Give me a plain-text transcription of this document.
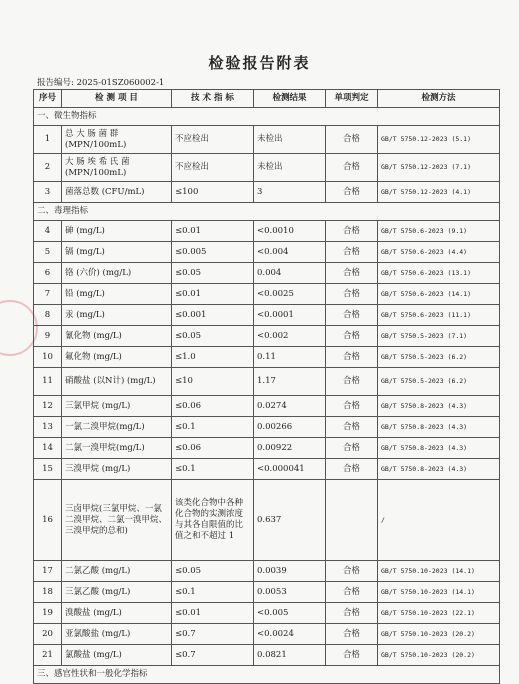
检验报告附表
报告编号: 2025-01SZ060002-1
序号	检 测 项 目	技 术 指 标	检测结果	单项判定	检测方法
一、微生物指标					
1	总 大 肠 菌 群 (MPN/100mL)	不应检出	未检出	合格	GB/T 5750.12-2023 (5.1)
2	大 肠 埃 希 氏 菌 (MPN/100mL)	不应检出	未检出	合格	GB/T 5750.12-2023 (7.1)
3	菌落总数 (CFU/mL)	≤100	3	合格	GB/T 5750.12-2023 (4.1)
二、毒理指标					
4	砷 (mg/L)	≤0.01	<0.0010	合格	GB/T 5750.6-2023 (9.1)
5	镉 (mg/L)	≤0.005	<0.004	合格	GB/T 5750.6-2023 (4.4)
6	铬 (六价) (mg/L)	≤0.05	0.004	合格	GB/T 5750.6-2023 (13.1)
7	铅 (mg/L)	≤0.01	<0.0025	合格	GB/T 5750.6-2023 (14.1)
8	汞 (mg/L)	≤0.001	<0.0001	合格	GB/T 5750.6-2023 (11.1)
9	氰化物 (mg/L)	≤0.05	<0.002	合格	GB/T 5750.5-2023 (7.1)
10	氟化物 (mg/L)	≤1.0	0.11	合格	GB/T 5750.5-2023 (6.2)
11	硝酸盐 (以N计) (mg/L)	≤10	1.17	合格	GB/T 5750.5-2023 (6.2)
12	三氯甲烷 (mg/L)	≤0.06	0.0274	合格	GB/T 5750.8-2023 (4.3)
13	一氯二溴甲烷(mg/L)	≤0.1	0.00266	合格	GB/T 5750.8-2023 (4.3)
14	二氯一溴甲烷(mg/L)	≤0.06	0.00922	合格	GB/T 5750.8-2023 (4.3)
15	三溴甲烷 (mg/L)	≤0.1	<0.000041	合格	GB/T 5750.8-2023 (4.3)
16	三卤甲烷(三氯甲烷、一氯二溴甲烷、二氯一溴甲烷、三溴甲烷的总和)	该类化合物中各种化合物的实测浓度与其各自限值的比值之和不超过 1	0.637		/
17	二氯乙酸 (mg/L)	≤0.05	0.0039	合格	GB/T 5750.10-2023 (14.1)
18	三氯乙酸 (mg/L)	≤0.1	0.0053	合格	GB/T 5750.10-2023 (14.1)
19	溴酸盐 (mg/L)	≤0.01	<0.005	合格	GB/T 5750.10-2023 (22.1)
20	亚氯酸盐 (mg/L)	≤0.7	<0.0024	合格	GB/T 5750.10-2023 (20.2)
21	氯酸盐 (mg/L)	≤0.7	0.0821	合格	GB/T 5750.10-2023 (20.2)
三、感官性状和一般化学指标					
